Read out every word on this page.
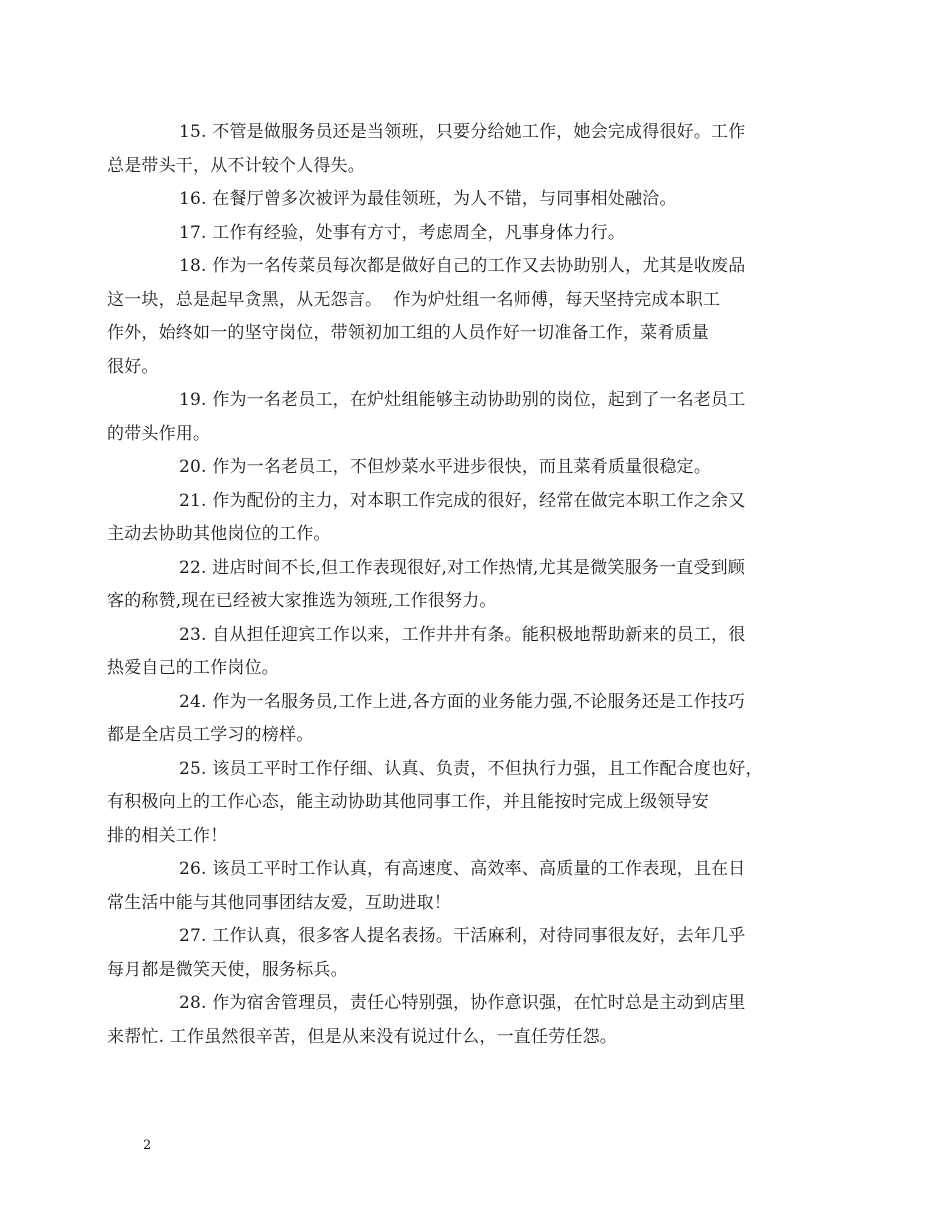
15. 不管是做服务员还是当领班，只要分给她工作，她会完成得很好。工作
总是带头干，从不计较个人得失。

16. 在餐厅曾多次被评为最佳领班，为人不错，与同事相处融洽。

17. 工作有经验，处事有方寸，考虑周全，凡事身体力行。

18. 作为一名传菜员每次都是做好自己的工作又去协助别人，尤其是收废品
这一块，总是起早贪黑，从无怨言。  作为炉灶组一名师傅，每天坚持完成本职工
作外，始终如一的坚守岗位，带领初加工组的人员作好一切准备工作，菜肴质量
很好。

19. 作为一名老员工，在炉灶组能够主动协助别的岗位，起到了一名老员工
的带头作用。

20. 作为一名老员工，不但炒菜水平进步很快，而且菜肴质量很稳定。

21. 作为配份的主力，对本职工作完成的很好，经常在做完本职工作之余又
主动去协助其他岗位的工作。

22. 进店时间不长,但工作表现很好,对工作热情,尤其是微笑服务一直受到顾
客的称赞,现在已经被大家推选为领班,工作很努力。

23. 自从担任迎宾工作以来，工作井井有条。能积极地帮助新来的员工，很
热爱自己的工作岗位。

24. 作为一名服务员,工作上进,各方面的业务能力强,不论服务还是工作技巧
都是全店员工学习的榜样。

25. 该员工平时工作仔细、认真、负责，不但执行力强，且工作配合度也好，
有积极向上的工作心态，能主动协助其他同事工作，并且能按时完成上级领导安
排的相关工作！

26. 该员工平时工作认真，有高速度、高效率、高质量的工作表现，且在日
常生活中能与其他同事团结友爱，互助进取！

27. 工作认真，很多客人提名表扬。干活麻利，对待同事很友好，去年几乎
每月都是微笑天使，服务标兵。

28. 作为宿舍管理员，责任心特别强，协作意识强，在忙时总是主动到店里
来帮忙. 工作虽然很辛苦，但是从来没有说过什么，一直任劳任怨。

2
